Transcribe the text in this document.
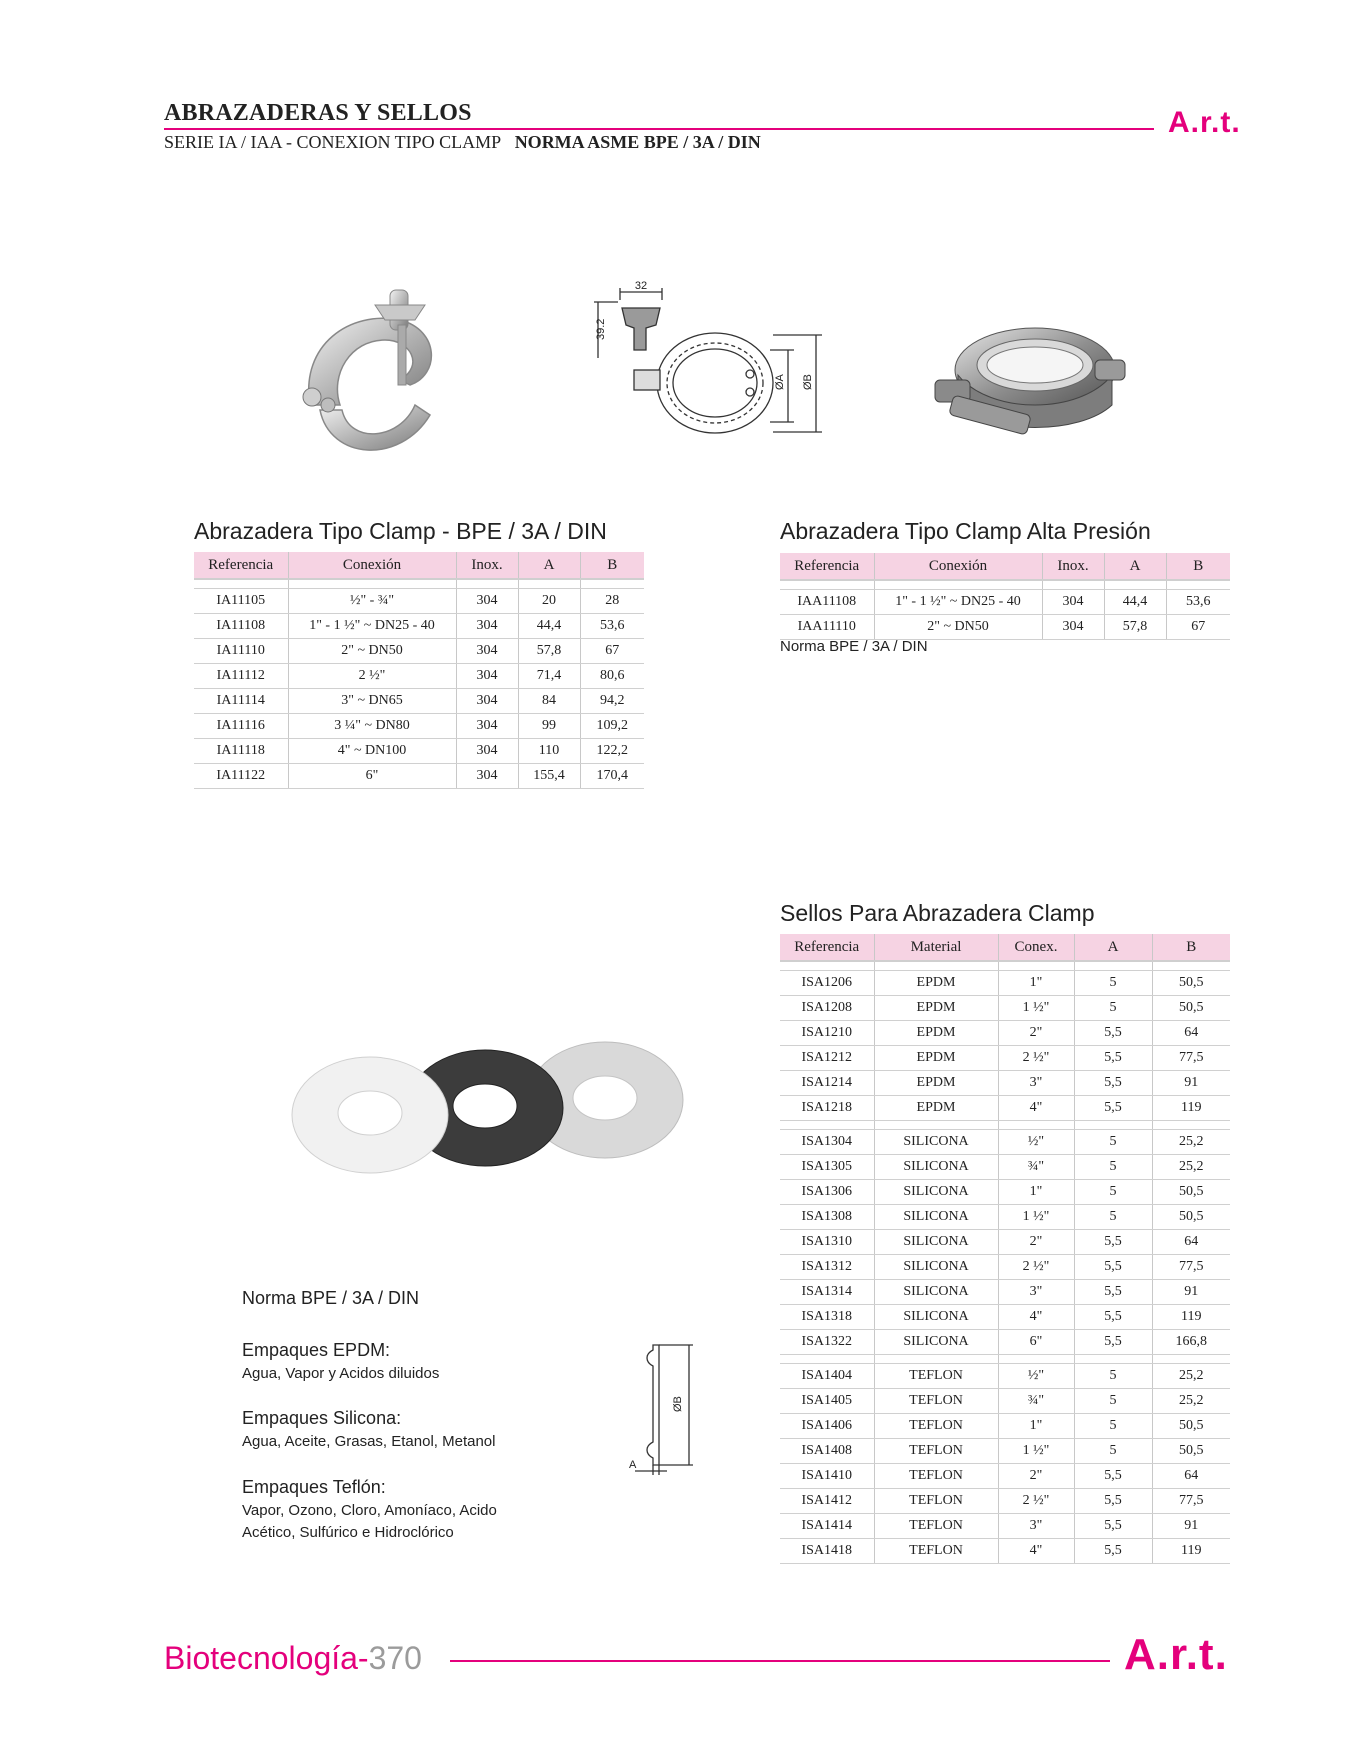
ABRAZADERAS Y SELLOS
SERIE IA / IAA - CONEXION TIPO CLAMP NORMA ASME BPE / 3A / DIN
A.r.t.
32
39.2
ØA ØB
Abrazadera Tipo Clamp - BPE / 3A / DIN
Referencia	Conexión	Inox.	A	B

IA11105	½" - ¾"	304	20	28
IA11108	1" - 1 ½" ~ DN25 - 40	304	44,4	53,6
IA11110	2" ~ DN50	304	57,8	67
IA11112	2 ½"	304	71,4	80,6
IA11114	3" ~ DN65	304	84	94,2
IA11116	3 ¼" ~ DN80	304	99	109,2
IA11118	4" ~ DN100	304	110	122,2
IA11122	6"	304	155,4	170,4
Abrazadera Tipo Clamp Alta Presión
Referencia	Conexión	Inox.	A	B

IAA11108	1" - 1 ½" ~ DN25 - 40	304	44,4	53,6
IAA11110	2" ~ DN50	304	57,8	67
Norma BPE / 3A / DIN
Norma BPE / 3A / DIN
Empaques EPDM:
Agua, Vapor y Acidos diluidos
Empaques Silicona:
Agua, Aceite, Grasas, Etanol, Metanol
Empaques Teflón:
Vapor, Ozono, Cloro, Amoníaco, Acido
Acético, Sulfúrico e Hidroclórico
ØB
A
Sellos Para Abrazadera Clamp
Referencia	Material	Conex.	A	B

ISA1206	EPDM	1"	5	50,5
ISA1208	EPDM	1 ½"	5	50,5
ISA1210	EPDM	2"	5,5	64
ISA1212	EPDM	2 ½"	5,5	77,5
ISA1214	EPDM	3"	5,5	91
ISA1218	EPDM	4"	5,5	119

ISA1304	SILICONA	½"	5	25,2
ISA1305	SILICONA	¾"	5	25,2
ISA1306	SILICONA	1"	5	50,5
ISA1308	SILICONA	1 ½"	5	50,5
ISA1310	SILICONA	2"	5,5	64
ISA1312	SILICONA	2 ½"	5,5	77,5
ISA1314	SILICONA	3"	5,5	91
ISA1318	SILICONA	4"	5,5	119
ISA1322	SILICONA	6"	5,5	166,8

ISA1404	TEFLON	½"	5	25,2
ISA1405	TEFLON	¾"	5	25,2
ISA1406	TEFLON	1"	5	50,5
ISA1408	TEFLON	1 ½"	5	50,5
ISA1410	TEFLON	2"	5,5	64
ISA1412	TEFLON	2 ½"	5,5	77,5
ISA1414	TEFLON	3"	5,5	91
ISA1418	TEFLON	4"	5,5	119
Biotecnología-370	A.r.t.
